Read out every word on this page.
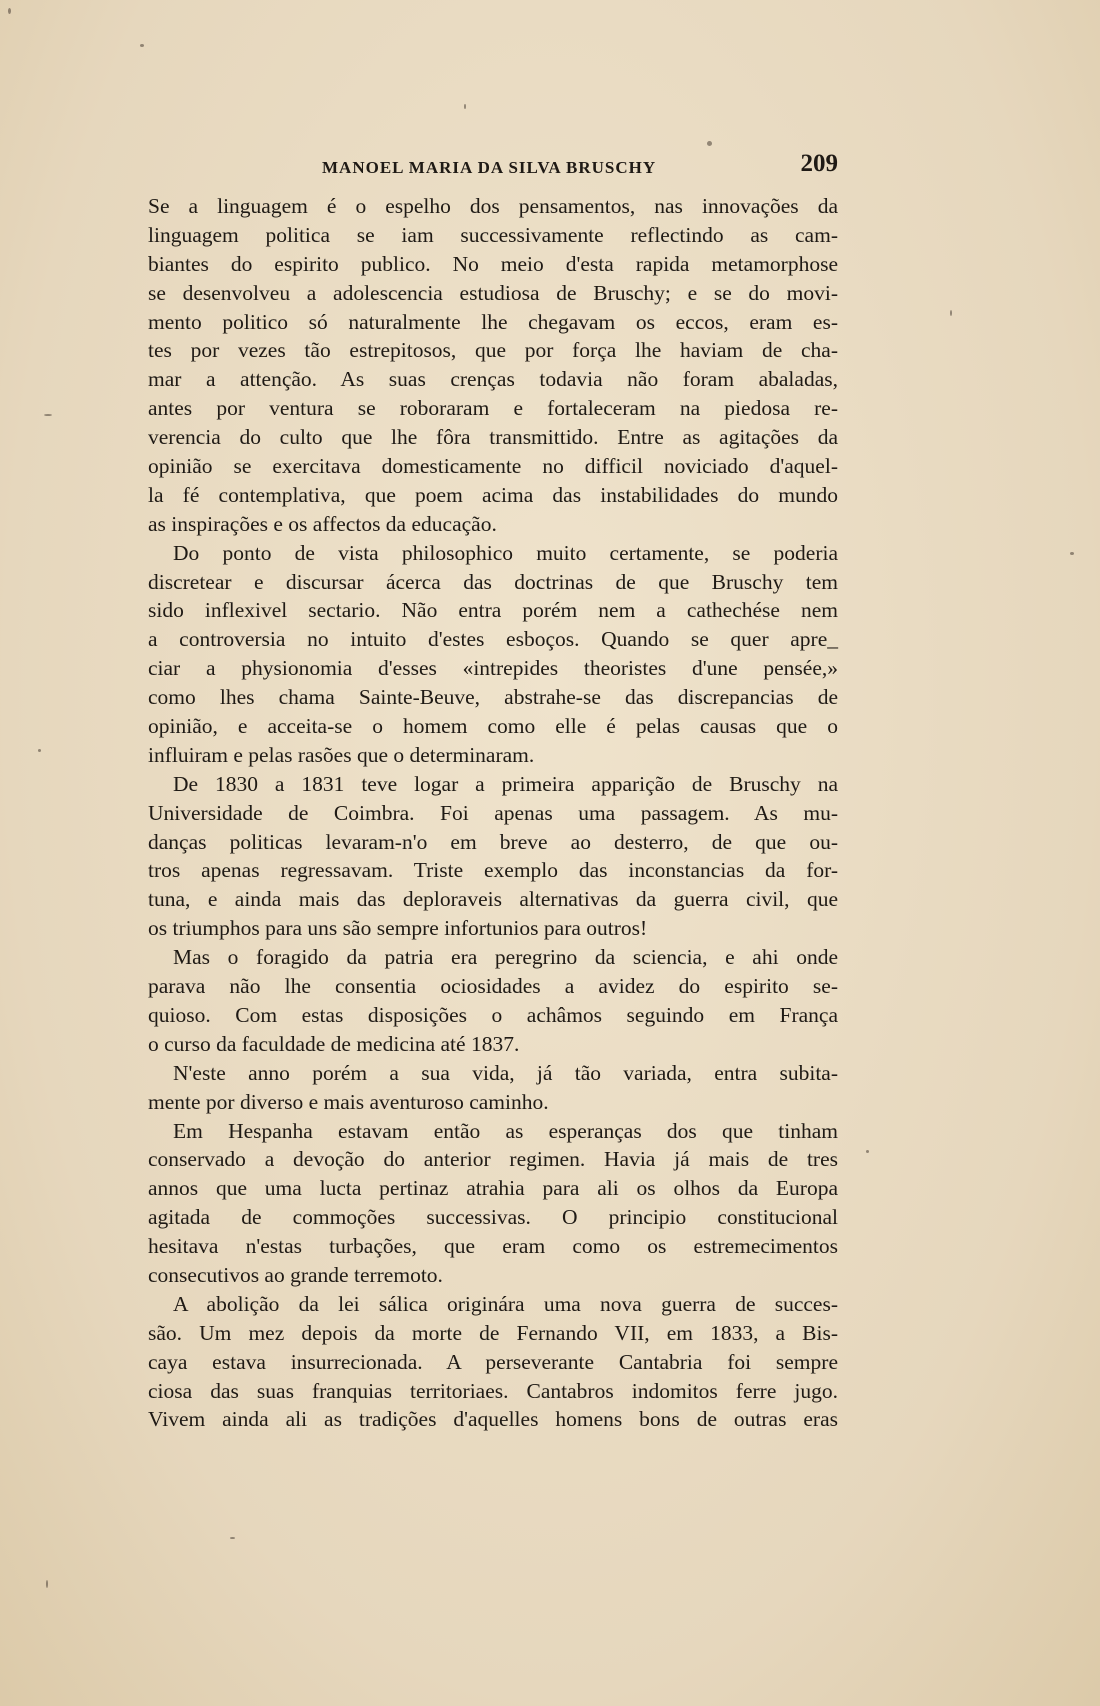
MANOEL MARIA DA SILVA BRUSCHY	209
Se a linguagem é o espelho dos pensamentos, nas innovações da
linguagem politica se iam successivamente reflectindo as cam-
biantes do espirito publico. No meio d'esta rapida metamorphose
se desenvolveu a adolescencia estudiosa de Bruschy; e se do movi-
mento politico só naturalmente lhe chegavam os eccos, eram es-
tes por vezes tão estrepitosos, que por força lhe haviam de cha-
mar a attenção. As suas crenças todavia não foram abaladas,
antes por ventura se roboraram e fortaleceram na piedosa re-
verencia do culto que lhe fôra transmittido. Entre as agitações da
opinião se exercitava domesticamente no difficil noviciado d'aquel-
la fé contemplativa, que poem acima das instabilidades do mundo
as inspirações e os affectos da educação.
Do ponto de vista philosophico muito certamente, se poderia
discretear e discursar ácerca das doctrinas de que Bruschy tem
sido inflexivel sectario. Não entra porém nem a cathechése nem
a controversia no intuito d'estes esboços. Quando se quer apre_
ciar a physionomia d'esses «intrepides theoristes d'une pensée,»
como lhes chama Sainte-Beuve, abstrahe-se das discrepancias de
opinião, e acceita-se o homem como elle é pelas causas que o
influiram e pelas rasões que o determinaram.
De 1830 a 1831 teve logar a primeira apparição de Bruschy na
Universidade de Coimbra. Foi apenas uma passagem. As mu-
danças politicas levaram-n'o em breve ao desterro, de que ou-
tros apenas regressavam. Triste exemplo das inconstancias da for-
tuna, e ainda mais das deploraveis alternativas da guerra civil, que
os triumphos para uns são sempre infortunios para outros!
Mas o foragido da patria era peregrino da sciencia, e ahi onde
parava não lhe consentia ociosidades a avidez do espirito se-
quioso. Com estas disposições o achâmos seguindo em França
o curso da faculdade de medicina até 1837.
N'este anno porém a sua vida, já tão variada, entra subita-
mente por diverso e mais aventuroso caminho.
Em Hespanha estavam então as esperanças dos que tinham
conservado a devoção do anterior regimen. Havia já mais de tres
annos que uma lucta pertinaz atrahia para ali os olhos da Europa
agitada de commoções successivas. O principio constitucional
hesitava n'estas turbações, que eram como os estremecimentos
consecutivos ao grande terremoto.
A abolição da lei sálica originára uma nova guerra de succes-
são. Um mez depois da morte de Fernando VII, em 1833, a Bis-
caya estava insurrecionada. A perseverante Cantabria foi sempre
ciosa das suas franquias territoriaes. Cantabros indomitos ferre jugo.
Vivem ainda ali as tradições d'aquelles homens bons de outras eras
